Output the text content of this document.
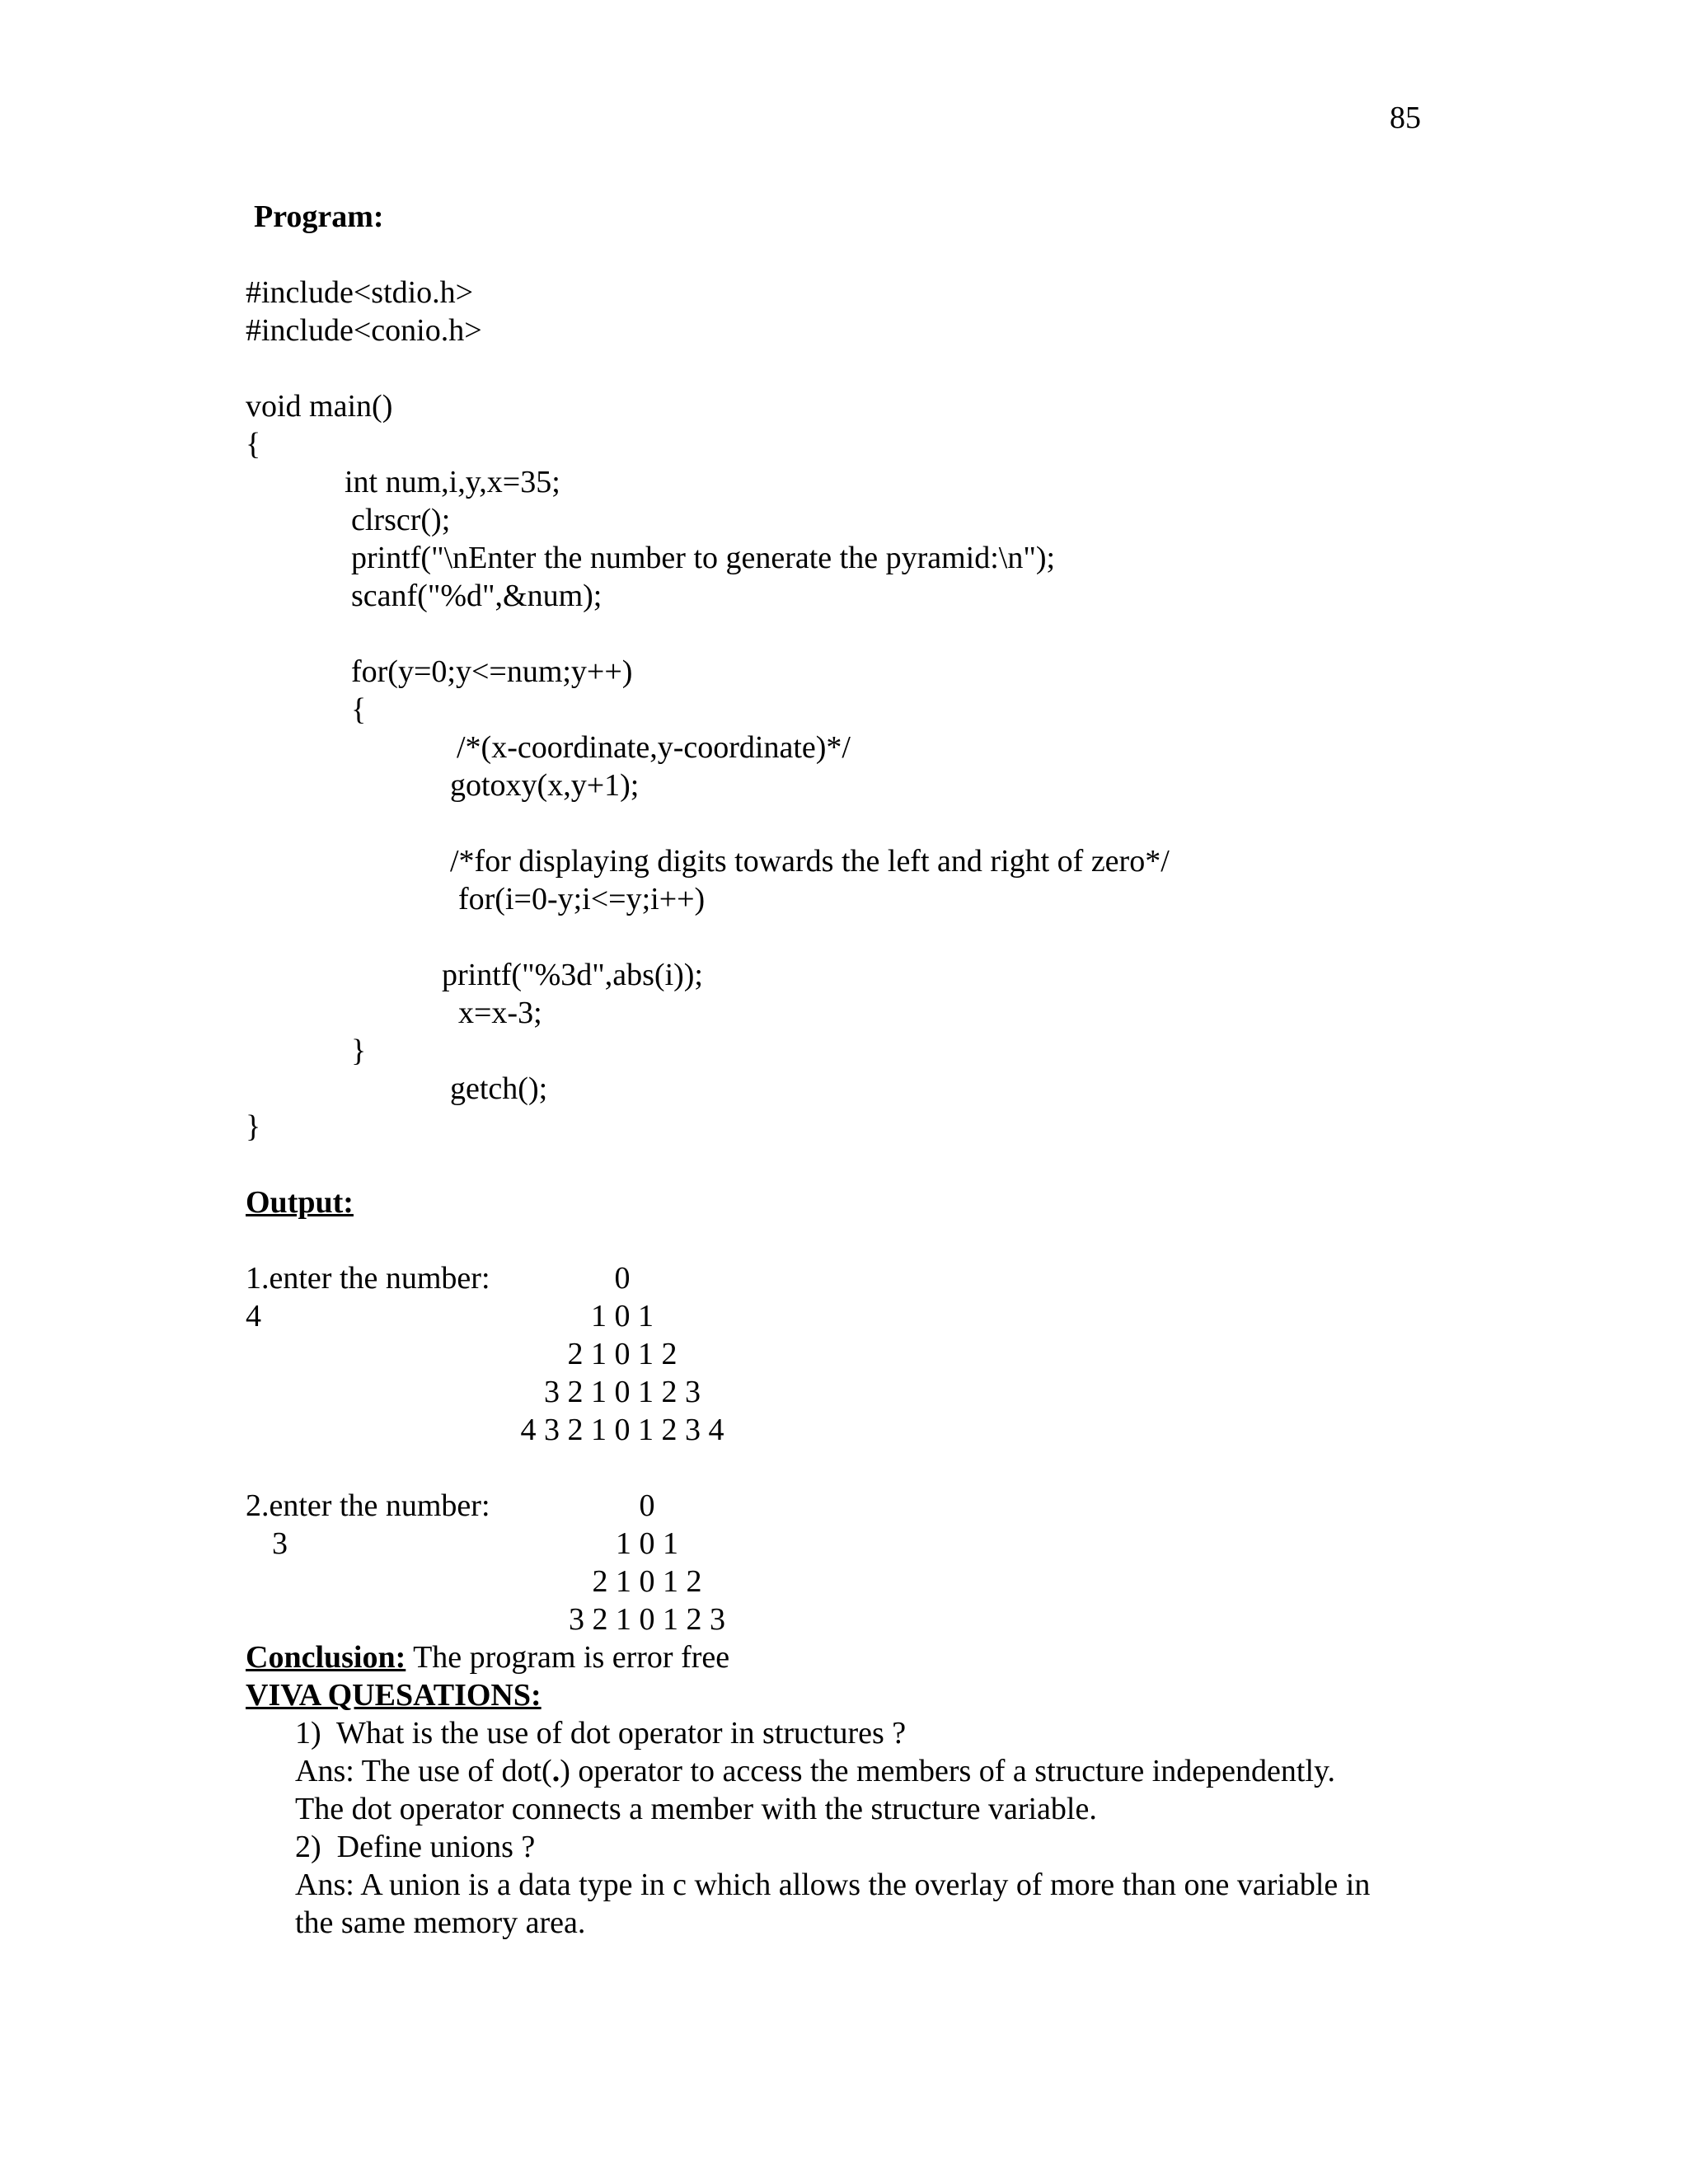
85
Program:
#include<stdio.h>
#include<conio.h>
void main()
{
int num,i,y,x=35;
clrscr();
printf("\nEnter the number to generate the pyramid:\n");
scanf("%d",&num);
for(y=0;y<=num;y++)
{
/*(x-coordinate,y-coordinate)*/
gotoxy(x,y+1);
/*for displaying digits towards the left and right of zero*/
for(i=0-y;i<=y;i++)
printf("%3d",abs(i));
x=x-3;
}
getch();
}
Output:
1.enter the number:
4
0
1 0 1
2 1 0 1 2
3 2 1 0 1 2 3
4 3 2 1 0 1 2 3 4
2.enter the number:
3
0
1 0 1
2 1 0 1 2
3 2 1 0 1 2 3
Conclusion: The program is error free
VIVA QUESATIONS:
1)  What is the use of dot operator in structures ?
Ans: The use of dot(.) operator to access the members of a structure independently.
The dot operator connects a member with the structure variable.
2)  Define unions ?
Ans: A union is a data type in c which allows the overlay of more than one variable in
the same memory area.
